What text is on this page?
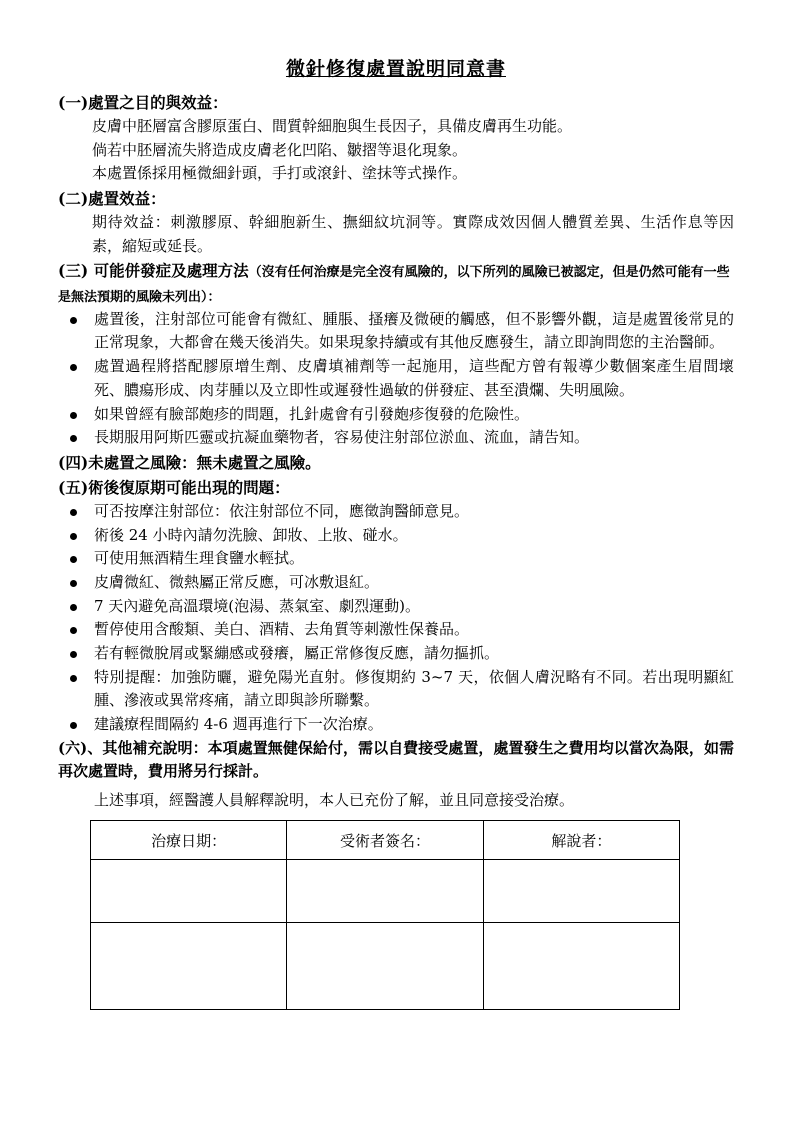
微針修復處置說明同意書
(一)處置之目的與效益：
皮膚中胚層富含膠原蛋白、間質幹細胞與生長因子，具備皮膚再生功能。
倘若中胚層流失將造成皮膚老化凹陷、皺摺等退化現象。
本處置係採用極微細針頭，手打或滾針、塗抹等式操作。
(二)處置效益：
期待效益：刺激膠原、幹細胞新生、撫細紋坑洞等。實際成效因個人體質差異、生活作息等因素，縮短或延長。
(三) 可能併發症及處理方法（沒有任何治療是完全沒有風險的，以下所列的風險已被認定，但是仍然可能有一些是無法預期的風險未列出）：
處置後，注射部位可能會有微紅、腫脹、搔癢及微硬的觸感，但不影響外觀，這是處置後常見的正常現象，大都會在幾天後消失。如果現象持續或有其他反應發生，請立即詢問您的主治醫師。
處置過程將搭配膠原增生劑、皮膚填補劑等一起施用，這些配方曾有報導少數個案產生眉間壞死、膿瘍形成、肉芽腫以及立即性或遲發性過敏的併發症、甚至潰爛、失明風險。
如果曾經有臉部皰疹的問題，扎針處會有引發皰疹復發的危險性。
長期服用阿斯匹靈或抗凝血藥物者，容易使注射部位淤血、流血，請告知。
(四)未處置之風險：無未處置之風險。
(五)術後復原期可能出現的問題：
可否按摩注射部位：依注射部位不同，應徵詢醫師意見。
術後 24 小時內請勿洗臉、卸妝、上妝、碰水。
可使用無酒精生理食鹽水輕拭。
皮膚微紅、微熱屬正常反應，可冰敷退紅。
7 天內避免高溫環境(泡湯、蒸氣室、劇烈運動)。
暫停使用含酸類、美白、酒精、去角質等刺激性保養品。
若有輕微脫屑或緊繃感或發癢，屬正常修復反應，請勿摳抓。
特別提醒：加強防曬，避免陽光直射。修復期約 3~7 天，依個人膚況略有不同。若出現明顯紅腫、滲液或異常疼痛，請立即與診所聯繫。
建議療程間隔約 4-6 週再進行下一次治療。
(六)、其他補充說明：本項處置無健保給付，需以自費接受處置，處置發生之費用均以當次為限，如需再次處置時，費用將另行採計。
上述事項，經醫護人員解釋說明，本人已充份了解，並且同意接受治療。
治療日期：	受術者簽名：	解說者：
